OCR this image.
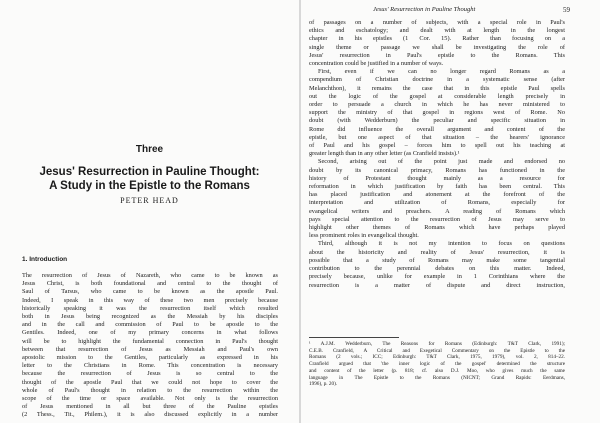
Three
Jesus' Resurrection in Pauline Thought:
A Study in the Epistle to the Romans
PETER HEAD
1. Introduction
The resurrection of Jesus of Nazareth, who came to be known as
Jesus Christ, is both foundational and central to the thought of
Saul of Tarsus, who came to be known as the apostle Paul.
Indeed, I speak in this way of these two men precisely because
historically speaking it was the resurrection itself which resulted
both in Jesus being recognized as the Messiah by his disciples
and in the call and commission of Paul to be apostle to the
Gentiles. Indeed, one of my primary concerns in what follows
will be to highlight the fundamental connection in Paul's thought
between that resurrection of Jesus as Messiah and Paul's own
apostolic mission to the Gentiles, particularly as expressed in his
letter to the Christians in Rome. This concentration is necessary
because the resurrection of Jesus is so central to the
thought of the apostle Paul that we could not hope to cover the
whole of Paul's thought in relation to the resurrection within the
scope of the time or space available. Not only is the resurrection
of Jesus mentioned in all but three of the Pauline epistles
(2 Thess., Tit., Philem.), it is also discussed explicitly in a number
Jesus' Resurrection in Pauline Thought	59
of passages on a number of subjects, with a special role in Paul's
ethics and eschatology; and dealt with at length in the longest
chapter in his epistles (1 Cor. 15). Rather than focusing on a
single theme or passage we shall be investigating the role of
Jesus' resurrection in Paul's epistle to the Romans. This
concentration could be justified in a number of ways.
First, even if we can no longer regard Romans as a
compendium of Christian doctrine in a systematic sense (after
Melanchthon), it remains the case that in this epistle Paul spells
out the logic of the gospel at considerable length precisely in
order to persuade a church in which he has never ministered to
support the ministry of that gospel in regions west of Rome. No
doubt (with Wedderburn) the peculiar and specific situation in
Rome did influence the overall argument and content of the
epistle, but one aspect of that situation – the hearers' ignorance
of Paul and his gospel – forces him to spell out his teaching at
greater length than in any other letter (as Cranfield insists).¹
Second, arising out of the point just made and endorsed no
doubt by its canonical primacy, Romans has functioned in the
history of Protestant thought mainly as a resource for
reformation in which justification by faith has been central. This
has placed justification and atonement at the forefront of the
interpretation and utilization of Romans, especially for
evangelical writers and preachers. A reading of Romans which
pays special attention to the resurrection of Jesus may serve to
highlight other themes of Romans which have perhaps played
less prominent roles in evangelical thought.
Third, although it is not my intention to focus on questions
about the historicity and reality of Jesus' resurrection, it is
possible that a study of Romans may make some tangential
contribution to the perennial debates on this matter. Indeed,
precisely because, unlike for example in 1 Corinthians where the
resurrection is a matter of dispute and direct instruction,
¹ A.J.M. Wedderburn, The Reasons for Romans (Edinburgh: T&T Clark, 1991);
C.E.B. Cranfield, A Critical and Exegetical Commentary on the Epistle to the
Romans (2 vols.; ICC; Edinburgh: T&T Clark, 1975, 1979), vol. 2, 814–22.
Cranfield argued that 'the inner logic of the gospel' determined the structure
and content of the letter (p. 818; cf. also D.J. Moo, who gives much the same
language in The Epistle to the Romans (NICNT; Grand Rapids: Eerdmans,
1996), p. 20).
